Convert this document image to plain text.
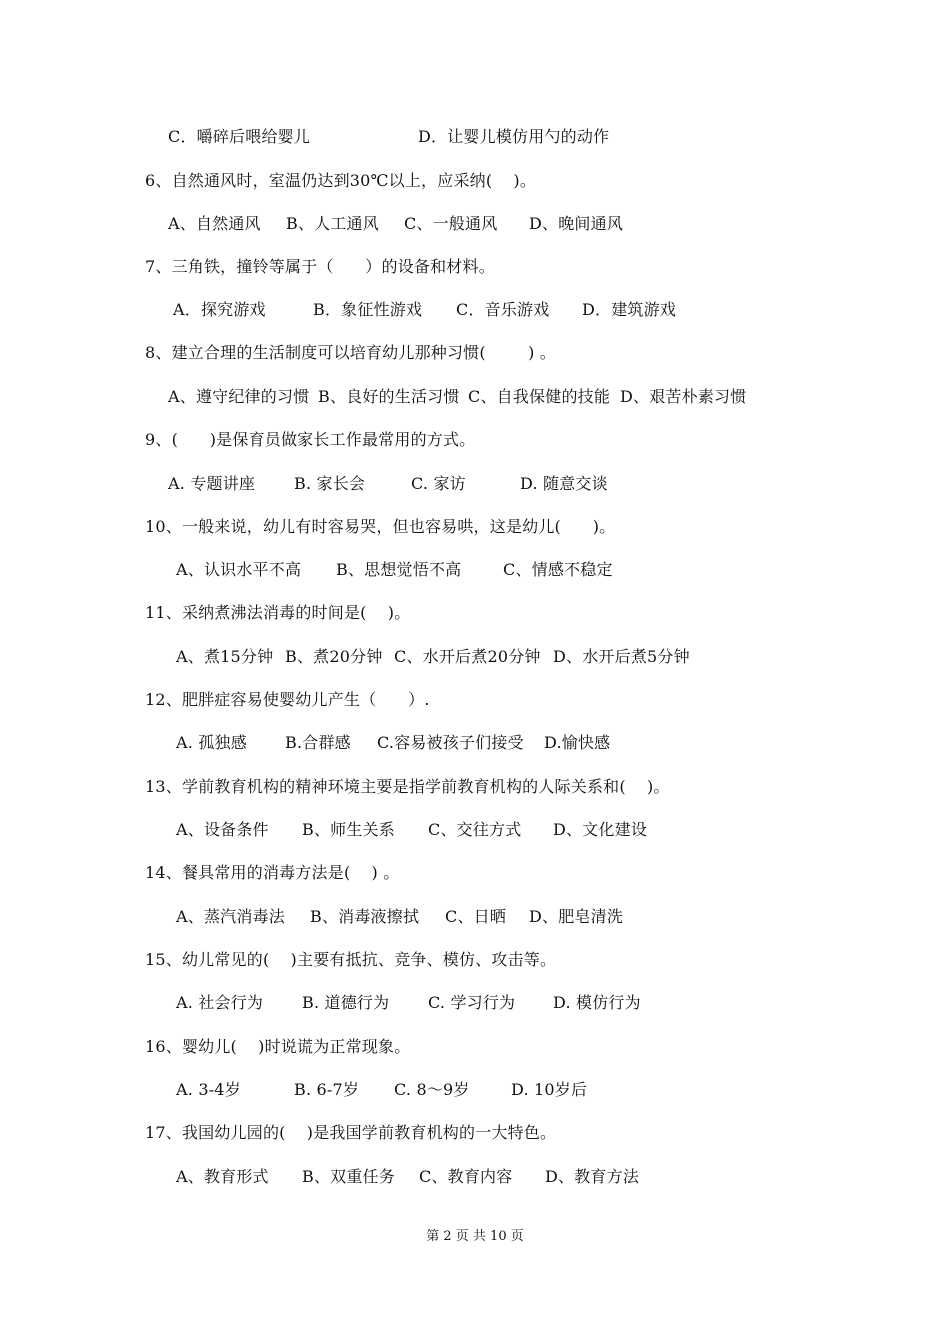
C．嚼碎后喂给婴儿

	D．让婴儿模仿用勺的动作

6、自然通风时，室温仍达到30℃以上，应采纳(    )。

A、自然通风

B、人工通风

C、一般通风

D、晚间通风

7、三角铁，撞铃等属于（      ）的设备和材料。

A．探究游戏

	B．象征性游戏

C．音乐游戏

D．建筑游戏

8、建立合理的生活制度可以培育幼儿那种习惯(        ) 。

A、遵守纪律的习惯

B、良好的生活习惯

C、自我保健的技能

D、艰苦朴素习惯

9、(      )是保育员做家长工作最常用的方式。

A. 专题讲座

B. 家长会

	C. 家访

	D. 随意交谈

10、一般来说，幼儿有时容易哭，但也容易哄，这是幼儿(      )。

A、认识水平不高

B、思想觉悟不高

	C、情感不稳定

11、采纳煮沸法消毒的时间是(    )。

A、煮15分钟

B、煮20分钟

C、水开后煮20分钟

D、水开后煮5分钟

12、肥胖症容易使婴幼儿产生（      ）.

A. 孤独感

B.合群感

C.容易被孩子们接受

D.愉快感

13、学前教育机构的精神环境主要是指学前教育机构的人际关系和(    )。

A、设备条件

B、师生关系

C、交往方式

D、文化建设

14、餐具常用的消毒方法是(    ) 。

A、蒸汽消毒法

B、消毒液擦拭

C、日晒

D、肥皂清洗

15、幼儿常见的(    )主要有抵抗、竞争、模仿、攻击等。

A. 社会行为

B. 道德行为

C. 学习行为

D. 模仿行为

16、婴幼儿(    )时说谎为正常现象。

A. 3-4岁

	B. 6-7岁

C. 8～9岁

	D. 10岁后

17、我国幼儿园的(    )是我国学前教育机构的一大特色。

A、教育形式

B、双重任务

C、教育内容

D、教育方法

第 2 页 共 10 页
